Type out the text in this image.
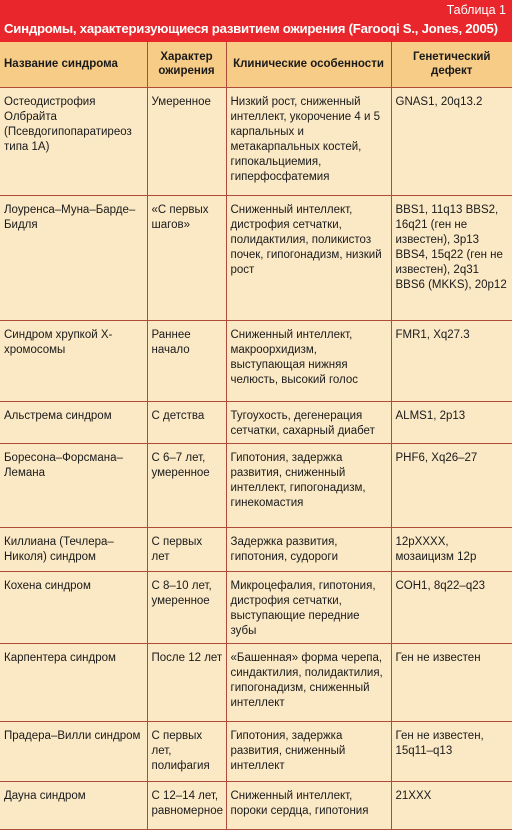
Таблица 1
Синдромы, характеризующиеся развитием ожирения (Farooqi S., Jones, 2005)
Название синдрома	Характер ожирения	Клинические особенности	Генетический дефект
Остеодистрофия Олбрайта (Псевдогипопаратиреоз типа 1А)	Умеренное	Низкий рост, сниженный интеллект, укорочение 4 и 5 карпальных и метакарпальных костей, гипокальциемия, гиперфосфатемия	GNAS1, 20q13.2
Лоуренса–Муна–Барде–Бидля	«С первых шагов»	Сниженный интеллект, дистрофия сетчатки, полидактилия, поликистоз почек, гипогонадизм, низкий рост	BBS1, 11q13 BBS2, 16q21 (ген не известен), 3p13 BBS4, 15q22 (ген не известен), 2q31 BBS6 (MKKS), 20p12
Синдром хрупкой Х-хромосомы	Раннее начало	Сниженный интеллект, макроорхидизм, выступающая нижняя челюсть, высокий голос	FMR1, Xq27.3
Альстрема синдром	С детства	Тугоухость, дегенерация сетчатки, сахарный диабет	ALMS1, 2p13
Боресона–Форсмана–Лемана	С 6–7 лет, умеренное	Гипотония, задержка развития, сниженный интеллект, гипогонадизм, гинекомастия	PHF6, Xq26–27
Киллиана (Течлера–Николя) синдром	С первых лет	Задержка развития, гипотония, судороги	12рXXXX, мозаицизм 12р
Кохена синдром	С 8–10 лет, умеренное	Микроцефалия, гипотония, дистрофия сетчатки, выступающие передние зубы	COH1, 8q22–q23
Карпентера синдром	После 12 лет	«Башенная» форма черепа, синдактилия, полидактилия, гипогонадизм, сниженный интеллект	Ген не известен
Прадера–Вилли синдром	С первых лет, полифагия	Гипотония, задержка развития, сниженный интеллект	Ген не известен, 15q11–q13
Дауна синдром	С 12–14 лет, равномерное	Сниженный интеллект, пороки сердца, гипотония	21XXX
